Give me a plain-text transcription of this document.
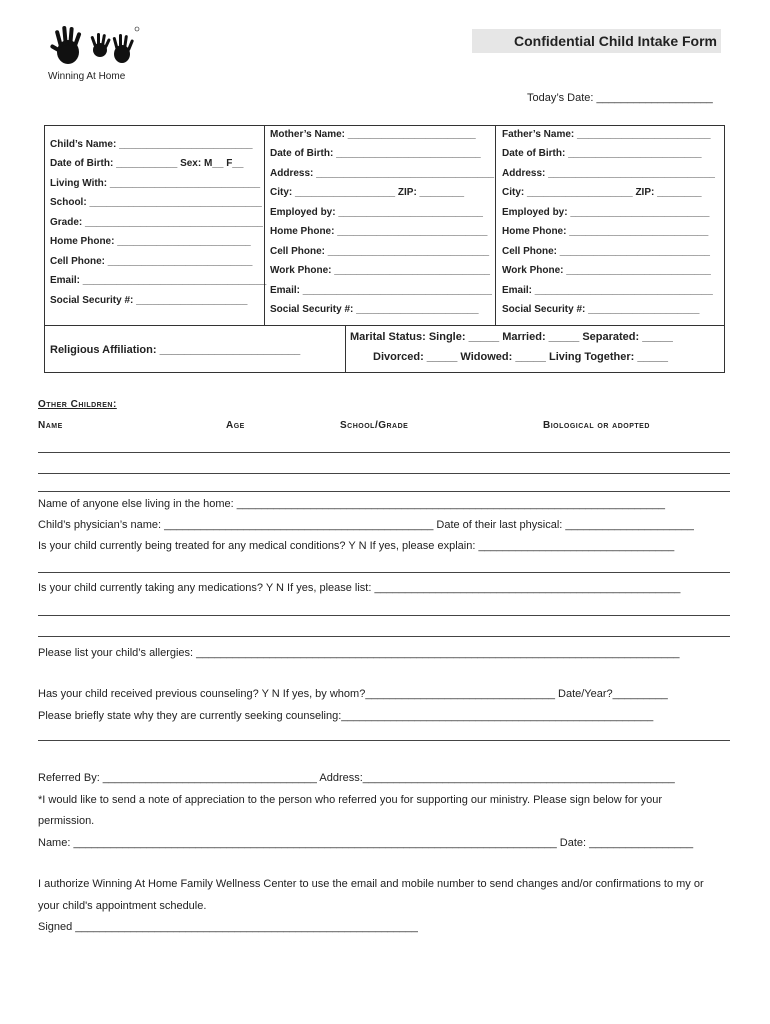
Winning At Home
Confidential Child Intake Form
Today’s Date: ___________________
Child’s Name: ________________________
Date of Birth: ___________ Sex: M__ F__
Living With: ___________________________
School: _______________________________
Grade: ________________________________
Home Phone: ________________________
Cell Phone: __________________________
Email: _________________________________
Social Security #: ____________________
Mother’s Name: _______________________
Date of Birth: __________________________
Address: ________________________________
City: __________________ ZIP: ________
Employed by: __________________________
Home Phone: ___________________________
Cell Phone: _____________________________
Work Phone: ____________________________
Email: __________________________________
Social Security #: ______________________
Father’s Name: ________________________
Date of Birth: ________________________
Address: ______________________________
City: ___________________ ZIP: ________
Employed by: _________________________
Home Phone: _________________________
Cell Phone: ___________________________
Work Phone: __________________________
Email: ________________________________
Social Security #: ____________________
Religious Affiliation: _______________________
Marital Status: Single: _____ Married: _____ Separated: _____
Divorced: _____ Widowed: _____ Living Together: _____
Other Children:
Name	Age	School/Grade	Biological or adopted
Name of anyone else living in the home: ______________________________________________________________________
Child’s physician’s name: ____________________________________________ Date of their last physical: _____________________
Is your child currently being treated for any medical conditions? Y N If yes, please explain: ________________________________
Is your child currently taking any medications? Y N If yes, please list: __________________________________________________
Please list your child’s allergies: _______________________________________________________________________________
Has your child received previous counseling? Y N If yes, by whom?_______________________________ Date/Year?_________
Please briefly state why they are currently seeking counseling:___________________________________________________
Referred By: ___________________________________ Address:___________________________________________________
*I would like to send a note of appreciation to the person who referred you for supporting our ministry. Please sign below for your
permission.
Name: _______________________________________________________________________________ Date: _________________
I authorize Winning At Home Family Wellness Center to use the email and mobile number to send changes and/or confirmations to my or
your child's appointment schedule.
Signed ________________________________________________________
